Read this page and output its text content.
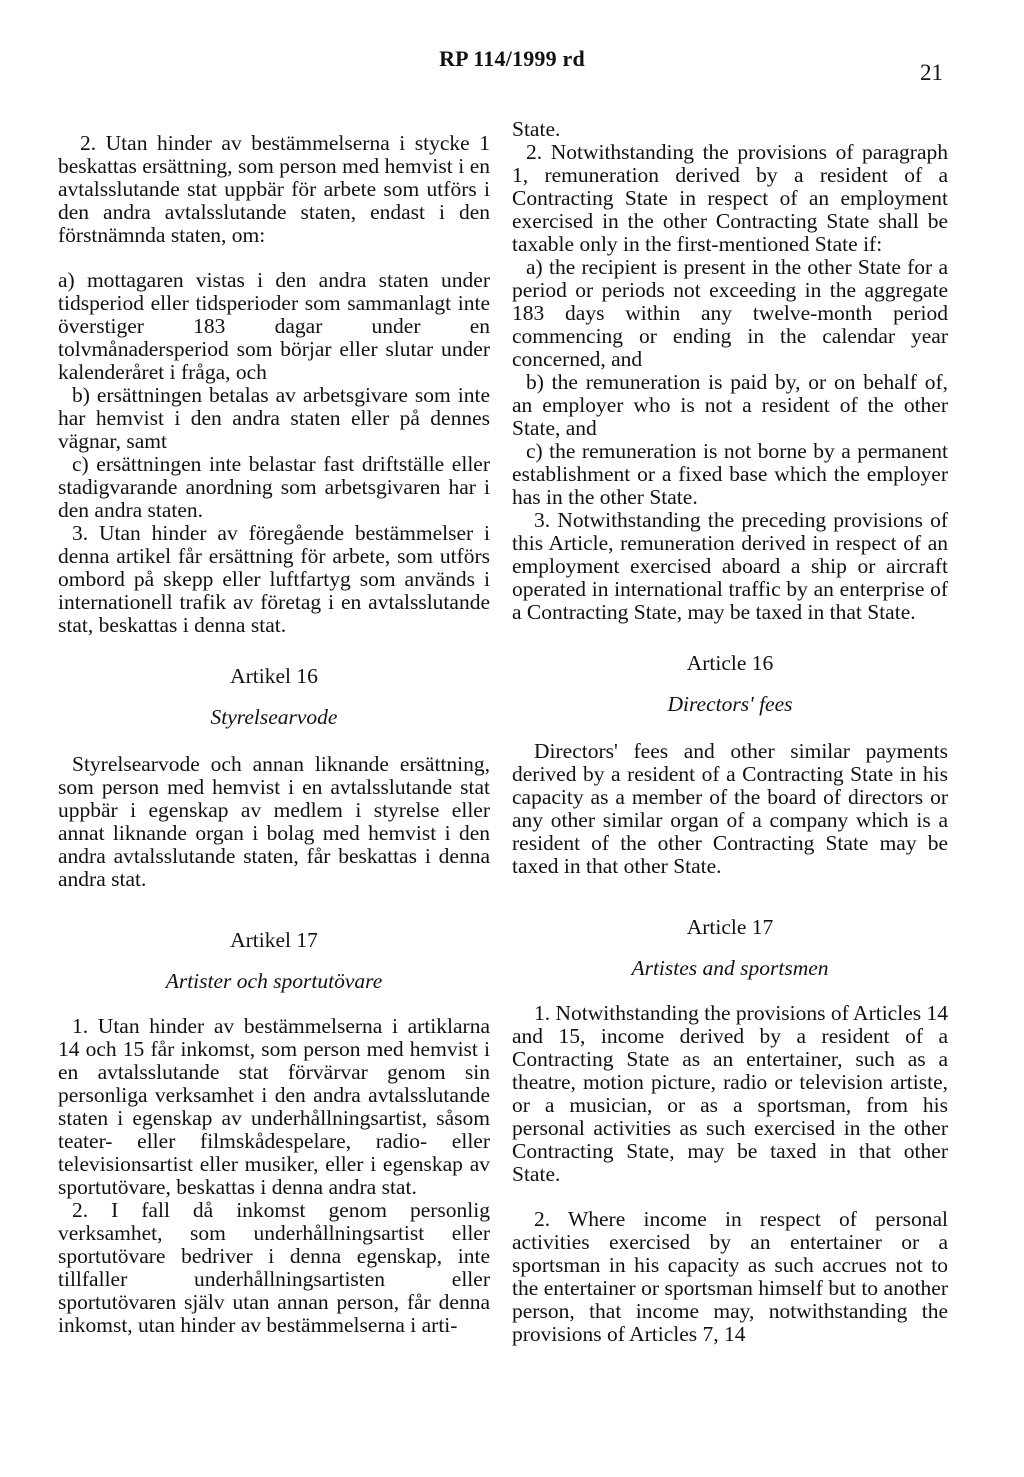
RP 114/1999 rd
21

2. Utan hinder av bestämmelserna i stycke 1 beskattas ersättning, som person med hemvist i en avtalsslutande stat uppbär för arbete som utförs i den andra avtalsslutande staten, endast i den förstnämnda staten, om:

a) mottagaren vistas i den andra staten under tidsperiod eller tidsperioder som sammanlagt inte överstiger 183 dagar under en tolvmånadersperiod som börjar eller slutar under kalenderåret i fråga, och

b) ersättningen betalas av arbetsgivare som inte har hemvist i den andra staten eller på dennes vägnar, samt

c) ersättningen inte belastar fast driftställe eller stadigvarande anordning som arbetsgivaren har i den andra staten.

3. Utan hinder av föregående bestämmelser i denna artikel får ersättning för arbete, som utförs ombord på skepp eller luftfartyg som används i internationell trafik av företag i en avtalsslutande stat, beskattas i denna stat.

Artikel 16

Styrelsearvode

Styrelsearvode och annan liknande ersättning, som person med hemvist i en avtalsslutande stat uppbär i egenskap av medlem i styrelse eller annat liknande organ i bolag med hemvist i den andra avtalsslutande staten, får beskattas i denna andra stat.

Artikel 17

Artister och sportutövare

1. Utan hinder av bestämmelserna i artiklarna 14 och 15 får inkomst, som person med hemvist i en avtalsslutande stat förvärvar genom sin personliga verksamhet i den andra avtalsslutande staten i egenskap av underhållningsartist, såsom teater- eller filmskådespelare, radio- eller televisionsartist eller musiker, eller i egenskap av sportutövare, beskattas i denna andra stat.

2. I fall då inkomst genom personlig verksamhet, som underhållningsartist eller sportutövare bedriver i denna egenskap, inte tillfaller underhållningsartisten eller sportutövaren själv utan annan person, får denna inkomst, utan hinder av bestämmelserna i arti-

State.

2. Notwithstanding the provisions of paragraph 1, remuneration derived by a resident of a Contracting State in respect of an employment exercised in the other Contracting State shall be taxable only in the first-mentioned State if:

a) the recipient is present in the other State for a period or periods not exceeding in the aggregate 183 days within any twelve-month period commencing or ending in the calendar year concerned, and

b) the remuneration is paid by, or on behalf of, an employer who is not a resident of the other State, and

c) the remuneration is not borne by a permanent establishment or a fixed base which the employer has in the other State.

3. Notwithstanding the preceding provisions of this Article, remuneration derived in respect of an employment exercised aboard a ship or aircraft operated in international traffic by an enterprise of a Contracting State, may be taxed in that State.

Article 16

Directors' fees

Directors' fees and other similar payments derived by a resident of a Contracting State in his capacity as a member of the board of directors or any other similar organ of a company which is a resident of the other Contracting State may be taxed in that other State.

Article 17

Artistes and sportsmen

1. Notwithstanding the provisions of Articles 14 and 15, income derived by a resident of a Contracting State as an entertainer, such as a theatre, motion picture, radio or television artiste, or a musician, or as a sportsman, from his personal activities as such exercised in the other Contracting State, may be taxed in that other State.

2. Where income in respect of personal activities exercised by an entertainer or a sportsman in his capacity as such accrues not to the entertainer or sportsman himself but to another person, that income may, notwithstanding the provisions of Articles 7, 14
